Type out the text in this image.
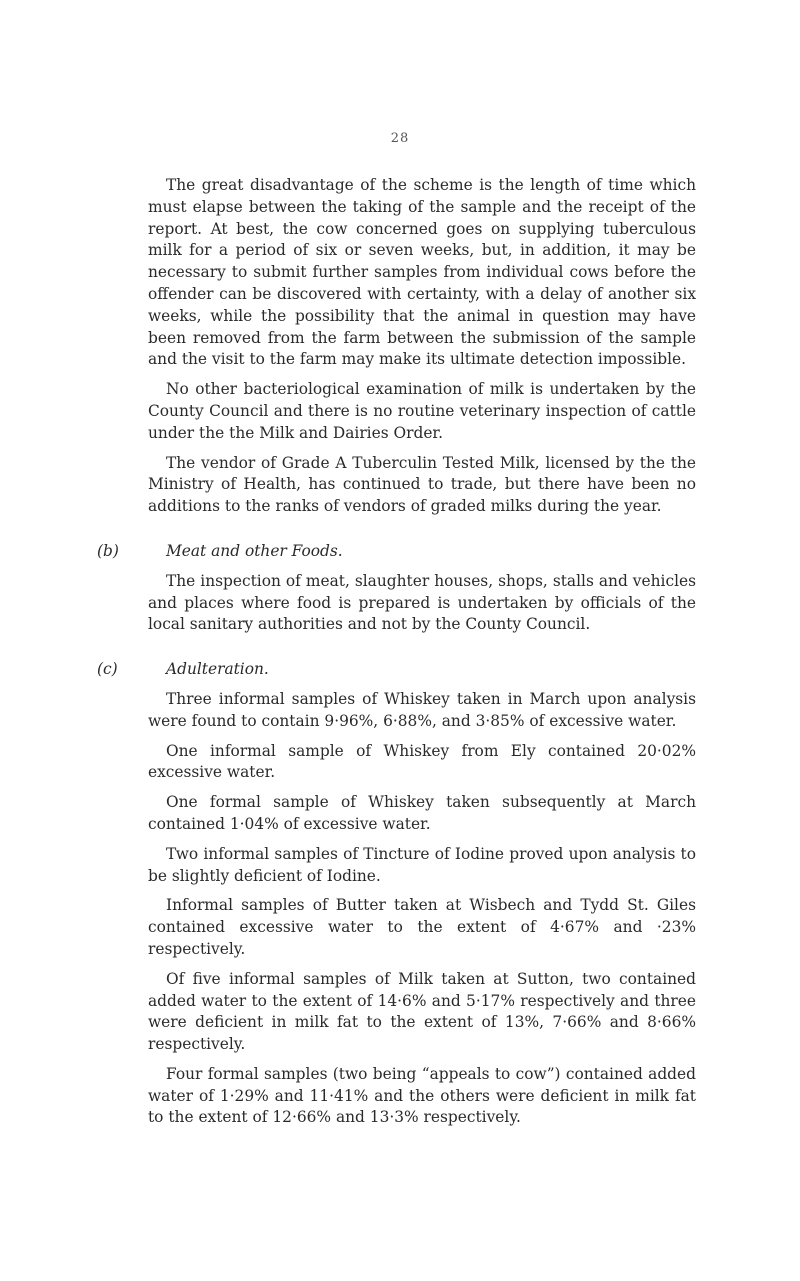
28

The great disadvantage of the scheme is the length of time which must elapse between the taking of the sample and the receipt of the report. At best, the cow concerned goes on supplying tuberculous milk for a period of six or seven weeks, but, in addition, it may be necessary to submit further samples from individual cows before the offender can be discovered with certainty, with a delay of another six weeks, while the possibility that the animal in question may have been removed from the farm between the submission of the sample and the visit to the farm may make its ultimate detection impossible.

No other bacteriological examination of milk is undertaken by the County Council and there is no routine veterinary inspection of cattle under the the Milk and Dairies Order.

The vendor of Grade A Tuberculin Tested Milk, licensed by the the Ministry of Health, has continued to trade, but there have been no additions to the ranks of vendors of graded milks during the year.

(b)	Meat and other Foods.

The inspection of meat, slaughter houses, shops, stalls and vehicles and places where food is prepared is undertaken by officials of the local sanitary authorities and not by the County Council.

(c)	Adulteration.

Three informal samples of Whiskey taken in March upon analysis were found to contain 9·96%, 6·88%, and 3·85% of excessive water.

One informal sample of Whiskey from Ely contained 20·02% excessive water.

One formal sample of Whiskey taken subsequently at March contained 1·04% of excessive water.

Two informal samples of Tincture of Iodine proved upon analysis to be slightly deficient of Iodine.

Informal samples of Butter taken at Wisbech and Tydd St. Giles contained excessive water to the extent of 4·67% and ·23% respectively.

Of five informal samples of Milk taken at Sutton, two contained added water to the extent of 14·6% and 5·17% respectively and three were deficient in milk fat to the extent of 13%, 7·66% and 8·66% respectively.

Four formal samples (two being “appeals to cow”) contained added water of 1·29% and 11·41% and the others were deficient in milk fat to the extent of 12·66% and 13·3% respectively.
